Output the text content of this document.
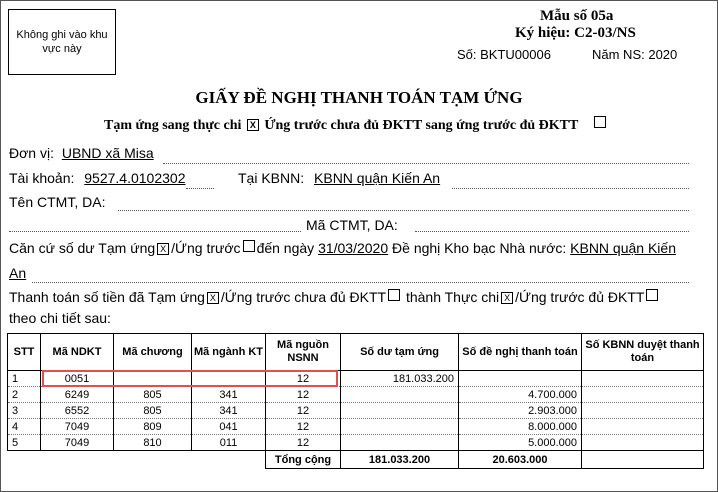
Không ghi vào khu vực này
Mẫu số 05a
Ký hiệu: C2-03/NS
Số: BKTU00006	Năm NS: 2020
GIẤY ĐỀ NGHỊ THANH TOÁN TẠM ỨNG
Tạm ứng sang thực chi X Ứng trước chưa đủ ĐKTT sang ứng trước đủ ĐKTT
Đơn vị: UBND xã Misa
Tài khoản: 9527.4.0102302	Tại KBNN: KBNN quận Kiến An
Tên CTMT, DA:
Mã CTMT, DA:
Căn cứ số dư Tạm ứng X /Ứng trước đến ngày 31/03/2020 Đề nghị Kho bạc Nhà nước: KBNN quận Kiến
An
Thanh toán số tiền đã Tạm ứng X /Ứng trước chưa đủ ĐKTT thành Thực chi X /Ứng trước đủ ĐKTT
theo chi tiết sau:
STT	Mã NDKT	Mã chương	Mã ngành KT	Mã nguồn NSNN	Số dư tạm ứng	Số đề nghị thanh toán	Số KBNN duyệt thanh toán
1	0051			12	181.033.200		
2	6249	805	341	12		4.700.000	
3	6552	805	341	12		2.903.000	
4	7049	809	041	12		8.000.000	
5	7049	810	011	12		5.000.000	
				Tổng cộng	181.033.200	20.603.000	
